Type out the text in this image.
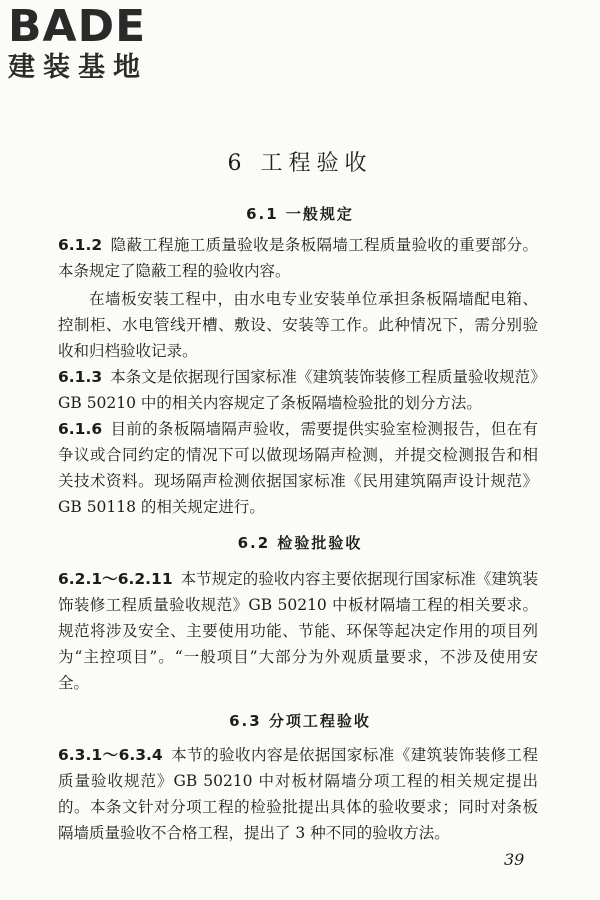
BADE
建装基地
6 工程验收
6.1 一般规定
6.1.2 隐蔽工程施工质量验收是条板隔墙工程质量验收的重要部分。本条规定了隐蔽工程的验收内容。
在墙板安装工程中，由水电专业安装单位承担条板隔墙配电箱、控制柜、水电管线开槽、敷设、安装等工作。此种情况下，需分别验收和归档验收记录。
6.1.3 本条文是依据现行国家标准《建筑装饰装修工程质量验收规范》GB 50210 中的相关内容规定了条板隔墙检验批的划分方法。
6.1.6 目前的条板隔墙隔声验收，需要提供实验室检测报告，但在有争议或合同约定的情况下可以做现场隔声检测，并提交检测报告和相关技术资料。现场隔声检测依据国家标准《民用建筑隔声设计规范》GB 50118 的相关规定进行。
6.2 检验批验收
6.2.1～6.2.11 本节规定的验收内容主要依据现行国家标准《建筑装饰装修工程质量验收规范》GB 50210 中板材隔墙工程的相关要求。规范将涉及安全、主要使用功能、节能、环保等起决定作用的项目列为“主控项目”。“一般项目”大部分为外观质量要求，不涉及使用安全。
6.3 分项工程验收
6.3.1～6.3.4 本节的验收内容是依据国家标准《建筑装饰装修工程质量验收规范》GB 50210 中对板材隔墙分项工程的相关规定提出的。本条文针对分项工程的检验批提出具体的验收要求；同时对条板隔墙质量验收不合格工程，提出了 3 种不同的验收方法。
39
